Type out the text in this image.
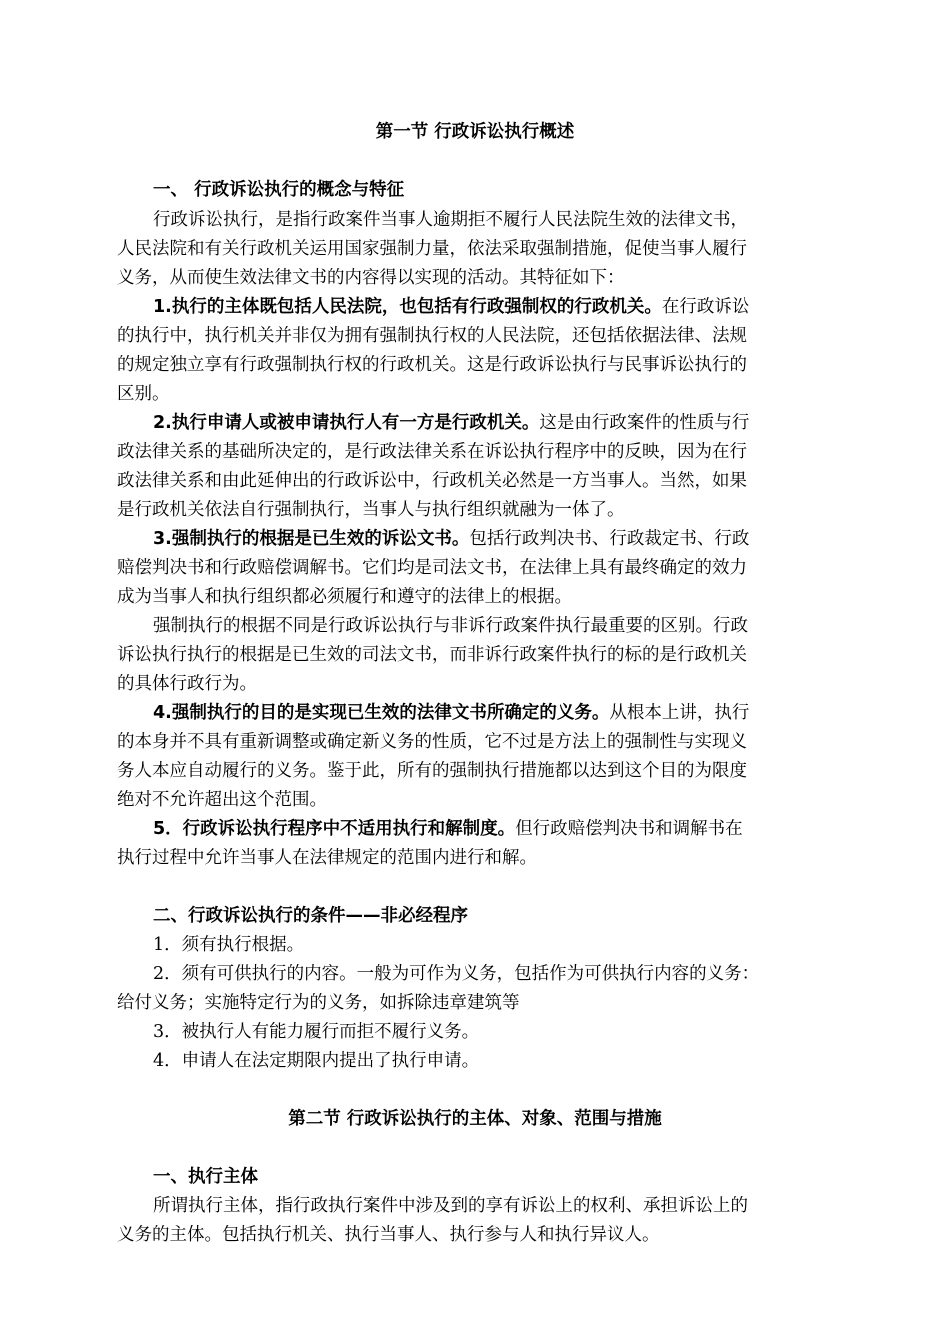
第一节 行政诉讼执行概述
一、 行政诉讼执行的概念与特征
行政诉讼执行，是指行政案件当事人逾期拒不履行人民法院生效的法律文书，
人民法院和有关行政机关运用国家强制力量，依法采取强制措施，促使当事人履行
义务，从而使生效法律文书的内容得以实现的活动。其特征如下：
1.执行的主体既包括人民法院，也包括有行政强制权的行政机关。在行政诉讼
的执行中，执行机关并非仅为拥有强制执行权的人民法院，还包括依据法律、法规
的规定独立享有行政强制执行权的行政机关。这是行政诉讼执行与民事诉讼执行的
区别。
2.执行申请人或被申请执行人有一方是行政机关。这是由行政案件的性质与行
政法律关系的基础所决定的，是行政法律关系在诉讼执行程序中的反映，因为在行
政法律关系和由此延伸出的行政诉讼中，行政机关必然是一方当事人。当然，如果
是行政机关依法自行强制执行，当事人与执行组织就融为一体了。
3.强制执行的根据是已生效的诉讼文书。包括行政判决书、行政裁定书、行政
赔偿判决书和行政赔偿调解书。它们均是司法文书，在法律上具有最终确定的效力
成为当事人和执行组织都必须履行和遵守的法律上的根据。
强制执行的根据不同是行政诉讼执行与非诉行政案件执行最重要的区别。行政
诉讼执行执行的根据是已生效的司法文书，而非诉行政案件执行的标的是行政机关
的具体行政行为。
4.强制执行的目的是实现已生效的法律文书所确定的义务。从根本上讲，执行
的本身并不具有重新调整或确定新义务的性质，它不过是方法上的强制性与实现义
务人本应自动履行的义务。鉴于此，所有的强制执行措施都以达到这个目的为限度
绝对不允许超出这个范围。
5．行政诉讼执行程序中不适用执行和解制度。但行政赔偿判决书和调解书在
执行过程中允许当事人在法律规定的范围内进行和解。
二、行政诉讼执行的条件——非必经程序
1．须有执行根据。
2．须有可供执行的内容。一般为可作为义务，包括作为可供执行内容的义务：
给付义务；实施特定行为的义务，如拆除违章建筑等
3．被执行人有能力履行而拒不履行义务。
4．申请人在法定期限内提出了执行申请。
第二节 行政诉讼执行的主体、对象、范围与措施
一、执行主体
所谓执行主体，指行政执行案件中涉及到的享有诉讼上的权利、承担诉讼上的
义务的主体。包括执行机关、执行当事人、执行参与人和执行异议人。
